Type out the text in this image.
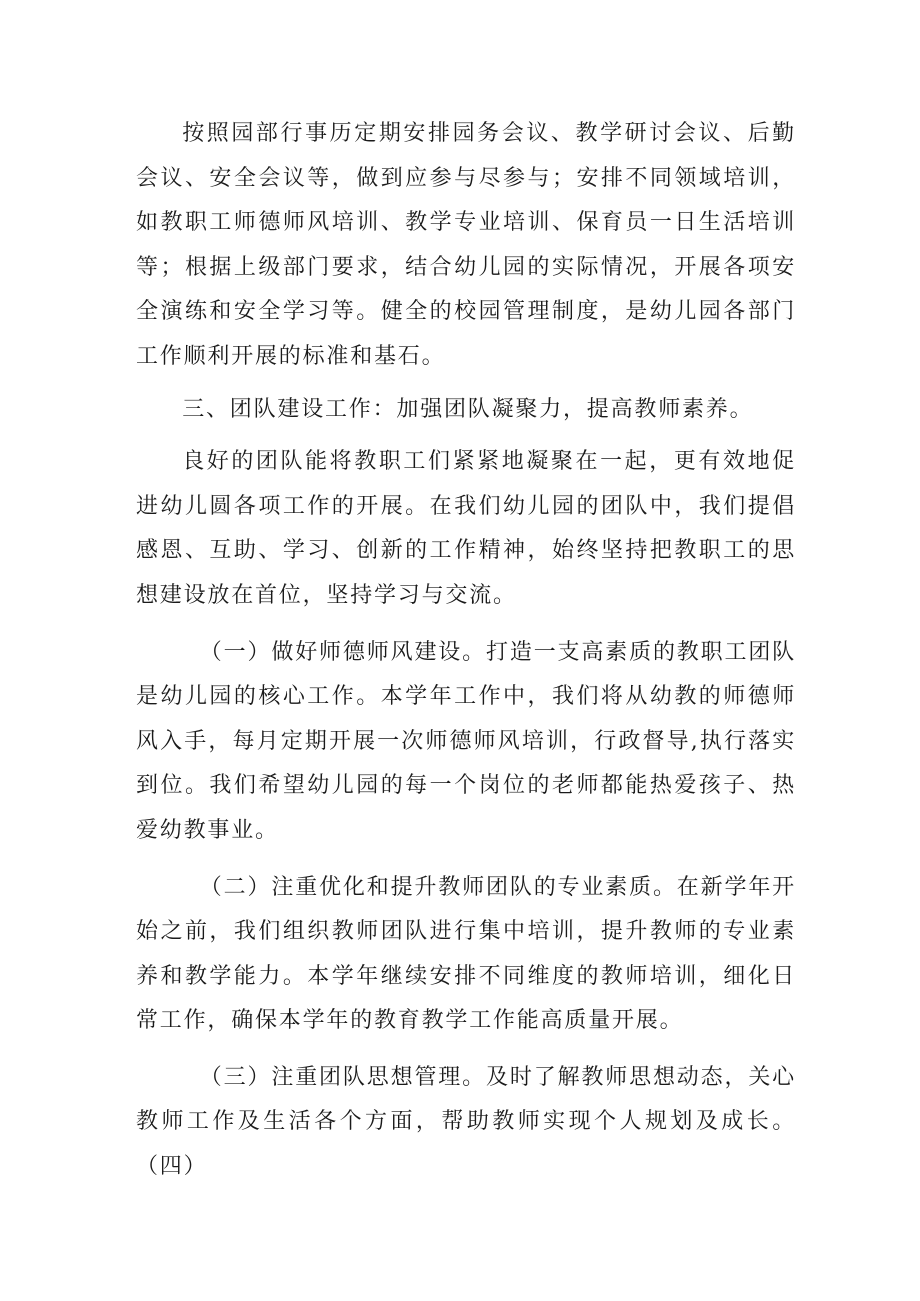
按照园部行事历定期安排园务会议、教学研讨会议、后勤会议、安全会议等，做到应参与尽参与；安排不同领域培训，如教职工师德师风培训、教学专业培训、保育员一日生活培训等；根据上级部门要求，结合幼儿园的实际情况，开展各项安全演练和安全学习等。健全的校园管理制度，是幼儿园各部门工作顺利开展的标准和基石。

三、团队建设工作：加强团队凝聚力，提高教师素养。

良好的团队能将教职工们紧紧地凝聚在一起，更有效地促进幼儿圆各项工作的开展。在我们幼儿园的团队中，我们提倡感恩、互助、学习、创新的工作精神，始终坚持把教职工的思想建设放在首位，坚持学习与交流。

（一）做好师德师风建设。打造一支高素质的教职工团队是幼儿园的核心工作。本学年工作中，我们将从幼教的师德师风入手，每月定期开展一次师德师风培训，行政督导,执行落实到位。我们希望幼儿园的每一个岗位的老师都能热爱孩子、热爱幼教事业。

（二）注重优化和提升教师团队的专业素质。在新学年开始之前，我们组织教师团队进行集中培训，提升教师的专业素养和教学能力。本学年继续安排不同维度的教师培训，细化日常工作，确保本学年的教育教学工作能高质量开展。

（三）注重团队思想管理。及时了解教师思想动态，关心教师工作及生活各个方面，帮助教师实现个人规划及成长。（四）
